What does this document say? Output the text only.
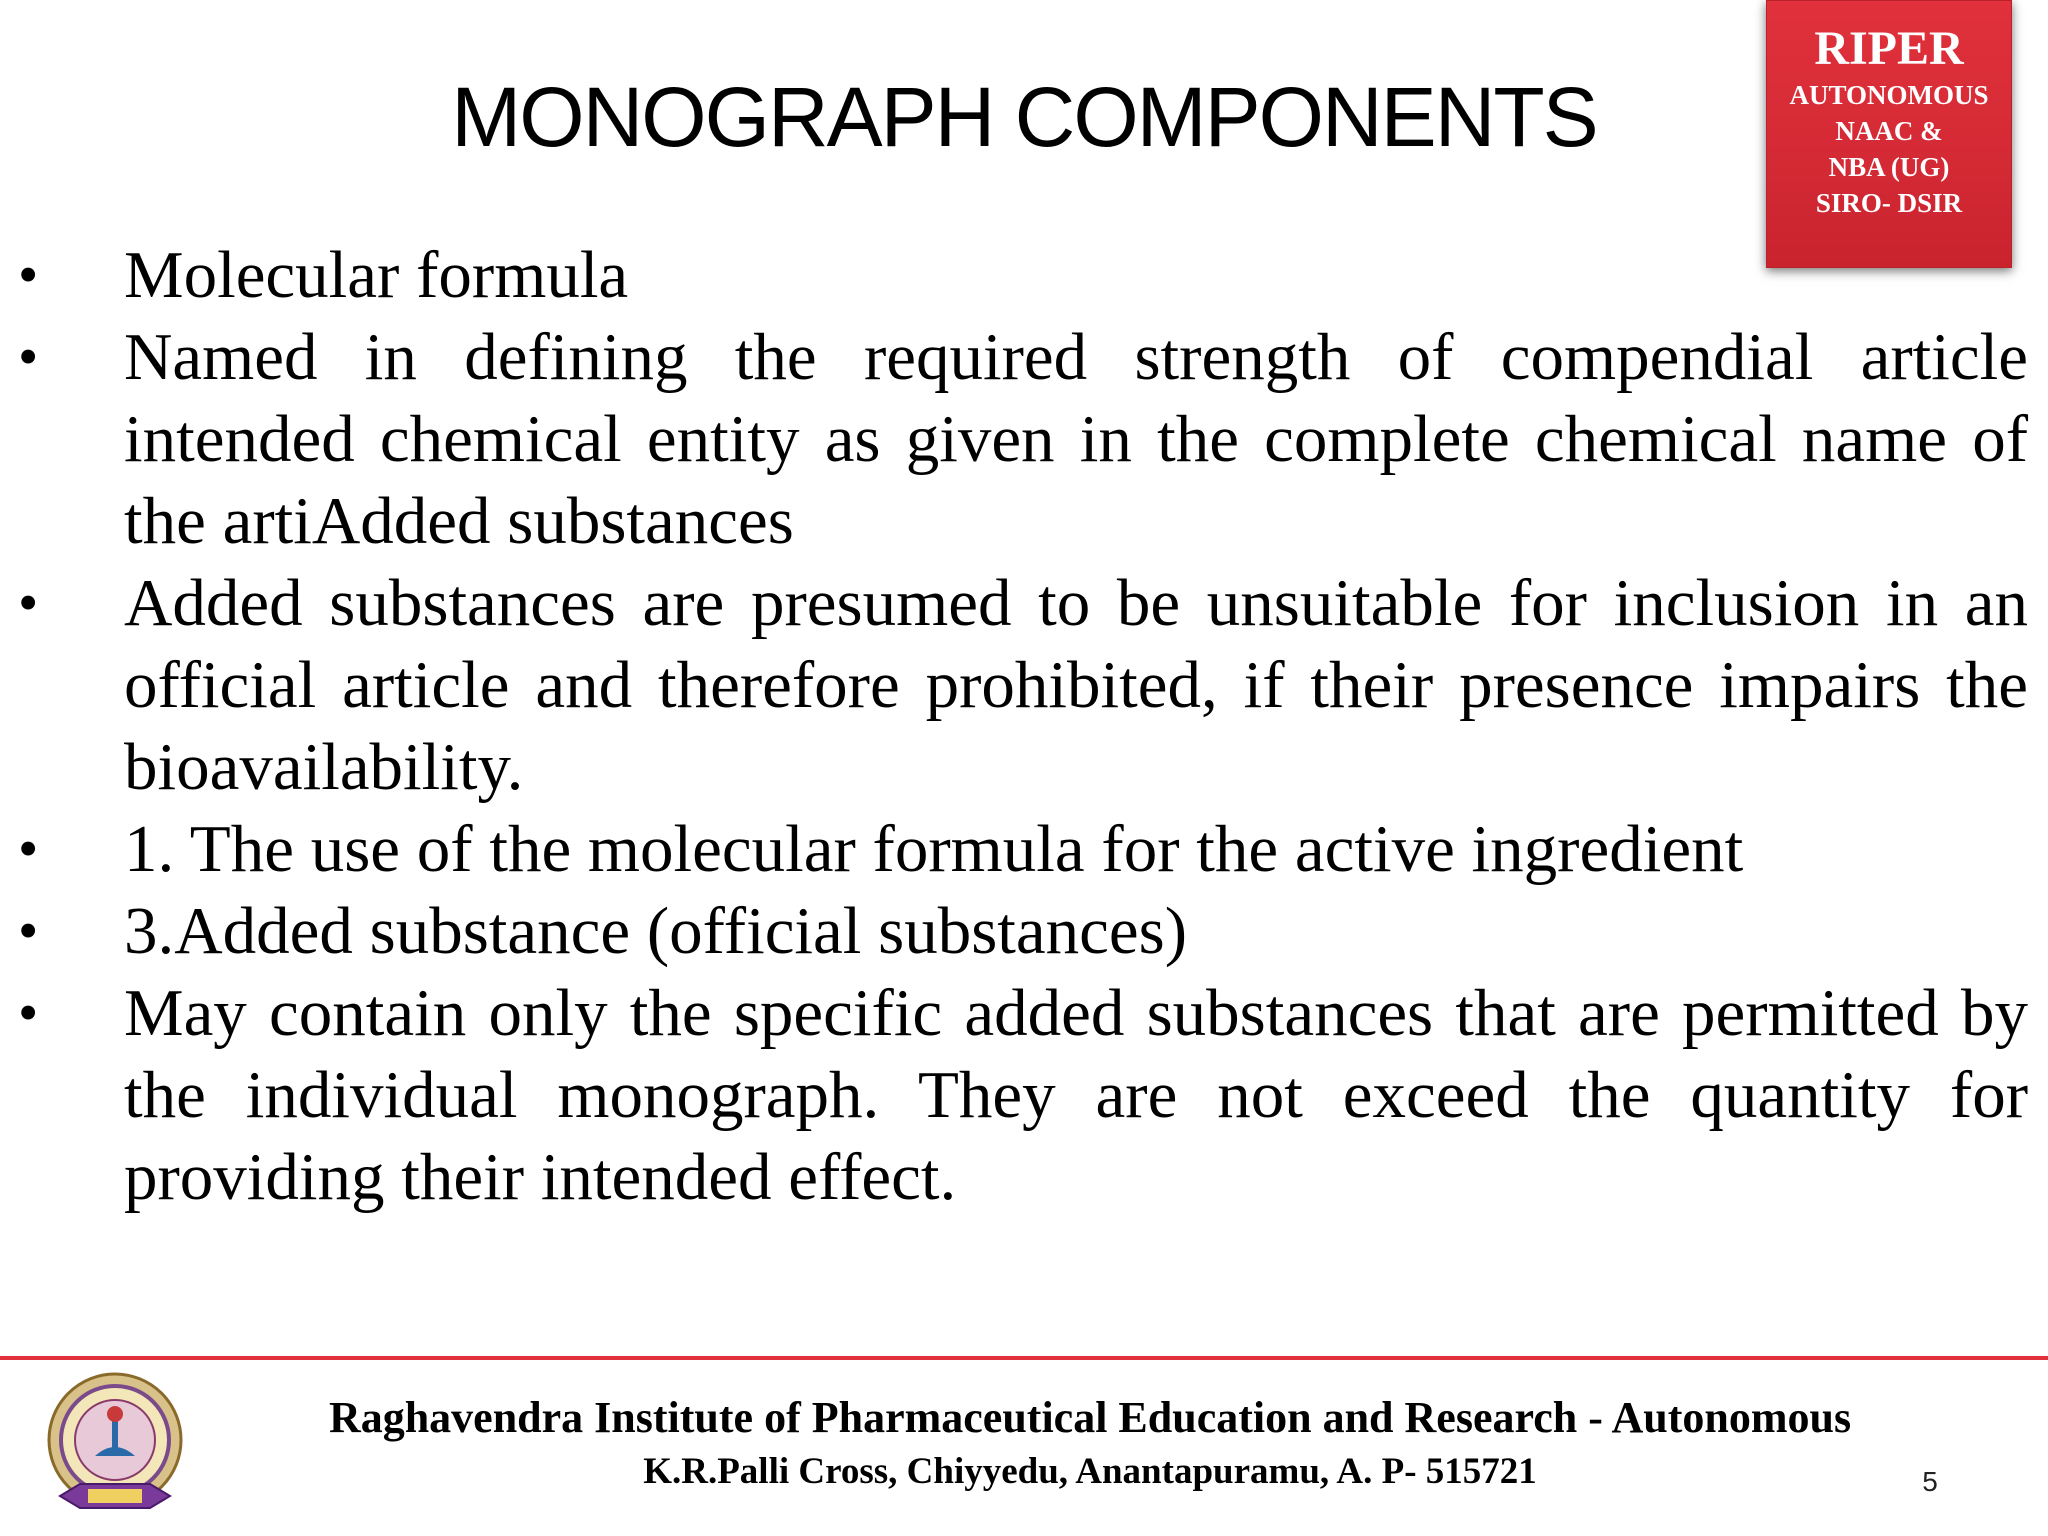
MONOGRAPH COMPONENTS
RIPER
AUTONOMOUS
NAAC &
NBA (UG)
SIRO- DSIR
• Molecular formula
• Named in defining the required strength of compendial article intended chemical entity as given in the complete chemical name of the artiAdded substances
• Added substances are presumed to be unsuitable for inclusion in an official article and therefore prohibited, if their presence impairs the bioavailability.
• 1. The use of the molecular formula for the active ingredient
• 3.Added substance (official substances)
• May contain only the specific added substances that are permitted by the individual monograph. They are not exceed the quantity for providing their intended effect.
Raghavendra Institute of Pharmaceutical Education and Research - Autonomous
K.R.Palli Cross, Chiyyedu, Anantapuramu, A. P- 515721	5
